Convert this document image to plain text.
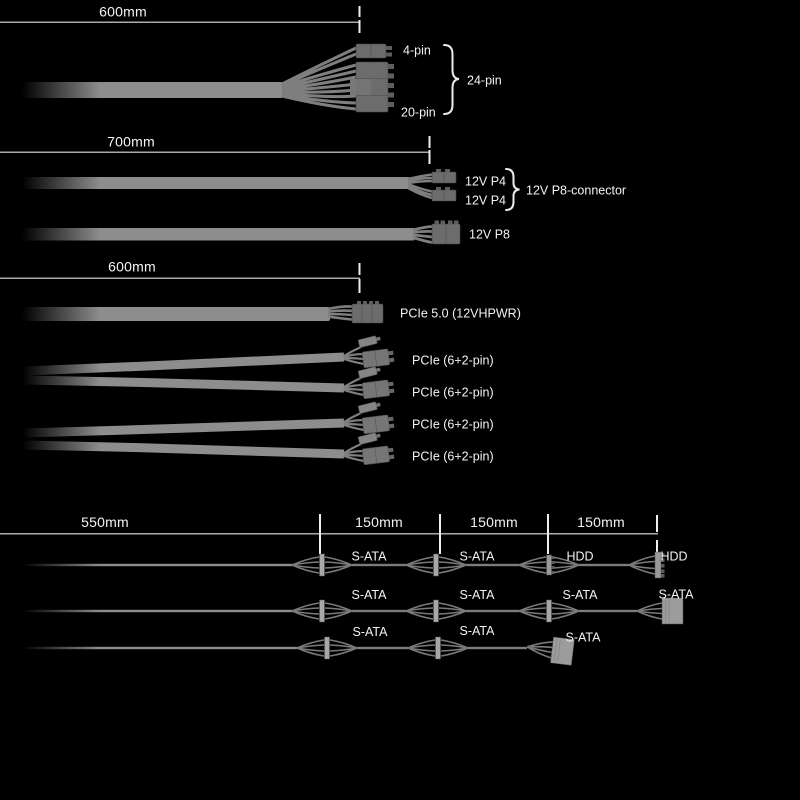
600mm
4-pin
24-pin
20-pin
700mm
12V P4
12V P4
12V P8-connector
12V P8
600mm
PCIe 5.0 (12VHPWR)
PCIe (6+2-pin)
PCIe (6+2-pin)
PCIe (6+2-pin)
PCIe (6+2-pin)
550mm	150mm	150mm	150mm
S-ATA	S-ATA	HDD	HDD
S-ATA	S-ATA	S-ATA	S-ATA
S-ATA	S-ATA	S-ATA
